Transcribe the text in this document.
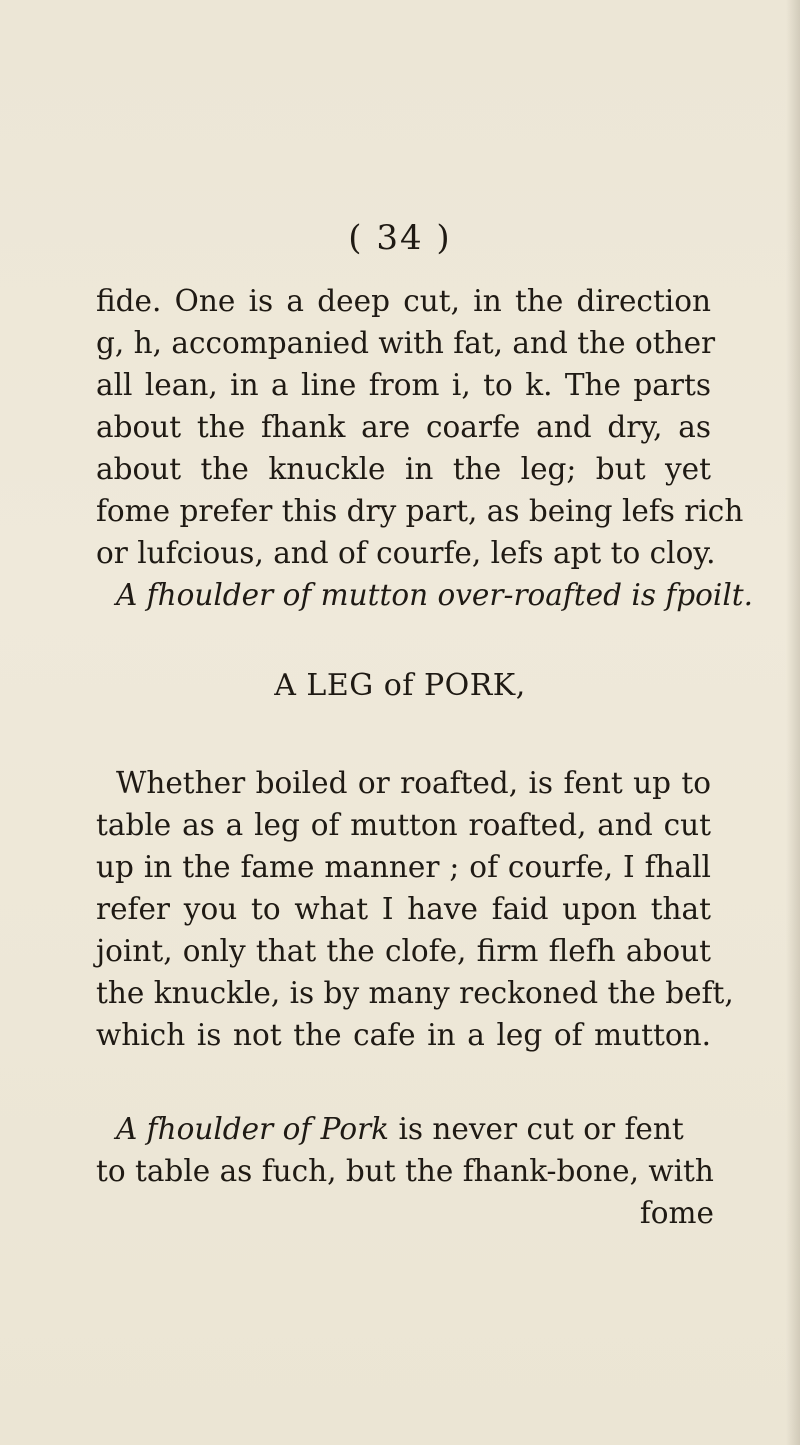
( 34 )
fide. One is a deep cut, in the direction
g, h, accompanied with fat, and the other
all lean, in a line from i, to k. The parts
about the fhank are coarfe and dry, as
about the knuckle in the leg; but yet
fome prefer this dry part, as being lefs rich
or lufcious, and of courfe, lefs apt to cloy.
A fhoulder of mutton over-roafted is fpoilt.
A LEG of PORK,
Whether boiled or roafted, is fent up to
table as a leg of mutton roafted, and cut
up in the fame manner ; of courfe, I fhall
refer you to what I have faid upon that
joint, only that the clofe, firm flefh about
the knuckle, is by many reckoned the beft,
which is not the cafe in a leg of mutton.
A fhoulder of Pork is never cut or fent
to table as fuch, but the fhank-bone, with
fome
